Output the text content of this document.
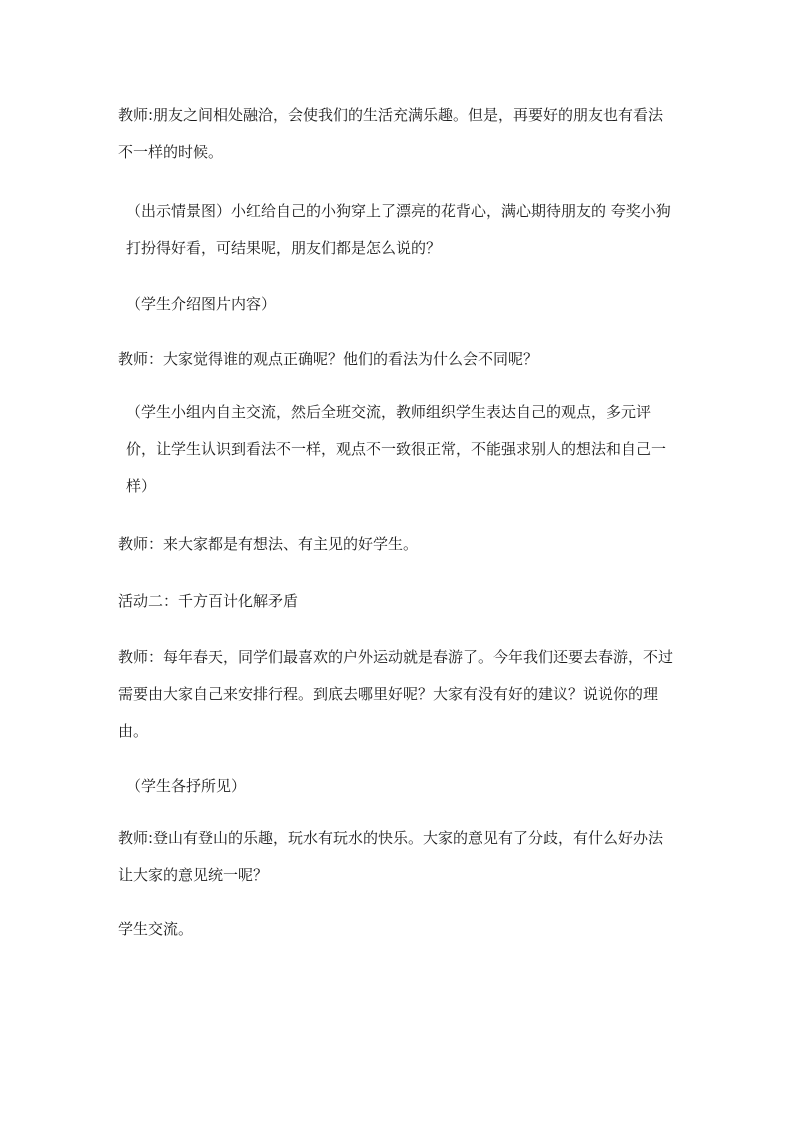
教师:朋友之间相处融洽，会使我们的生活充满乐趣。但是，再要好的朋友也有看法不一样的时候。

（出示情景图）小红给自己的小狗穿上了漂亮的花背心，满心期待朋友的 夸奖小狗打扮得好看，可结果呢，朋友们都是怎么说的？

（学生介绍图片内容）

教师：大家觉得谁的观点正确呢？他们的看法为什么会不同呢？

（学生小组内自主交流，然后全班交流，教师组织学生表达自己的观点，多元评价，让学生认识到看法不一样，观点不一致很正常，不能强求别人的想法和自己一样）

教师：来大家都是有想法、有主见的好学生。

活动二：千方百计化解矛盾

教师：每年春天，同学们最喜欢的户外运动就是春游了。今年我们还要去春游，不过需要由大家自己来安排行程。到底去哪里好呢？大家有没有好的建议？说说你的理由。

（学生各抒所见）

教师:登山有登山的乐趣，玩水有玩水的快乐。大家的意见有了分歧，有什么好办法让大家的意见统一呢？

学生交流。
